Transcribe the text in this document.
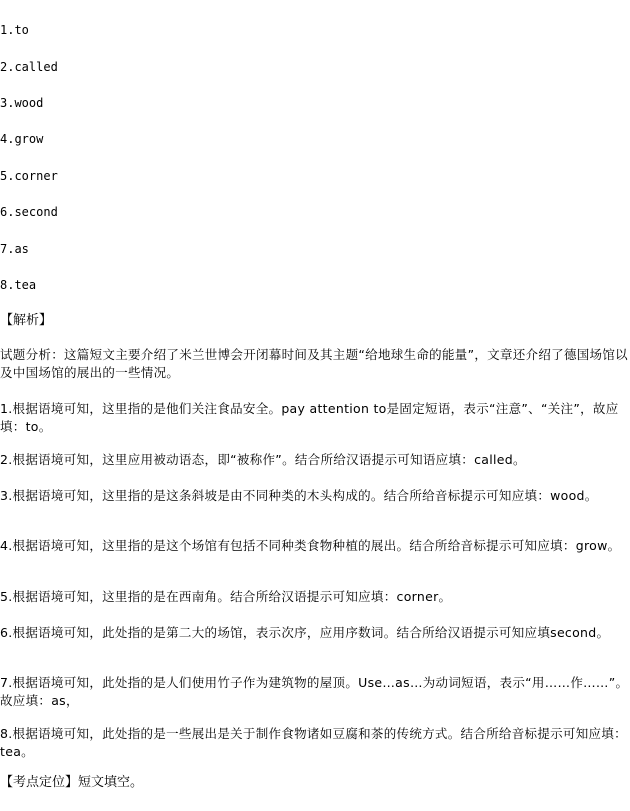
1.to
2.called
3.wood
4.grow
5.corner
6.second
7.as
8.tea
【解析】
试题分析：这篇短文主要介绍了米兰世博会开闭幕时间及其主题“给地球生命的能量”，文章还介绍了德国场馆以及中国场馆的展出的一些情况。
1.根据语境可知，这里指的是他们关注食品安全。pay attention to是固定短语，表示“注意”、“关注”，故应填：to。
2.根据语境可知，这里应用被动语态，即“被称作”。结合所给汉语提示可知语应填：called。
3.根据语境可知，这里指的是这条斜坡是由不同种类的木头构成的。结合所给音标提示可知应填：wood。
4.根据语境可知，这里指的是这个场馆有包括不同种类食物种植的展出。结合所给音标提示可知应填：grow。
5.根据语境可知，这里指的是在西南角。结合所给汉语提示可知应填：corner。
6.根据语境可知，此处指的是第二大的场馆，表示次序，应用序数词。结合所给汉语提示可知应填second。
7.根据语境可知，此处指的是人们使用竹子作为建筑物的屋顶。Use…as…为动词短语，表示“用……作……”。故应填：as，
8.根据语境可知，此处指的是一些展出是关于制作食物诸如豆腐和茶的传统方式。结合所给音标提示可知应填：tea。
【考点定位】短文填空。
